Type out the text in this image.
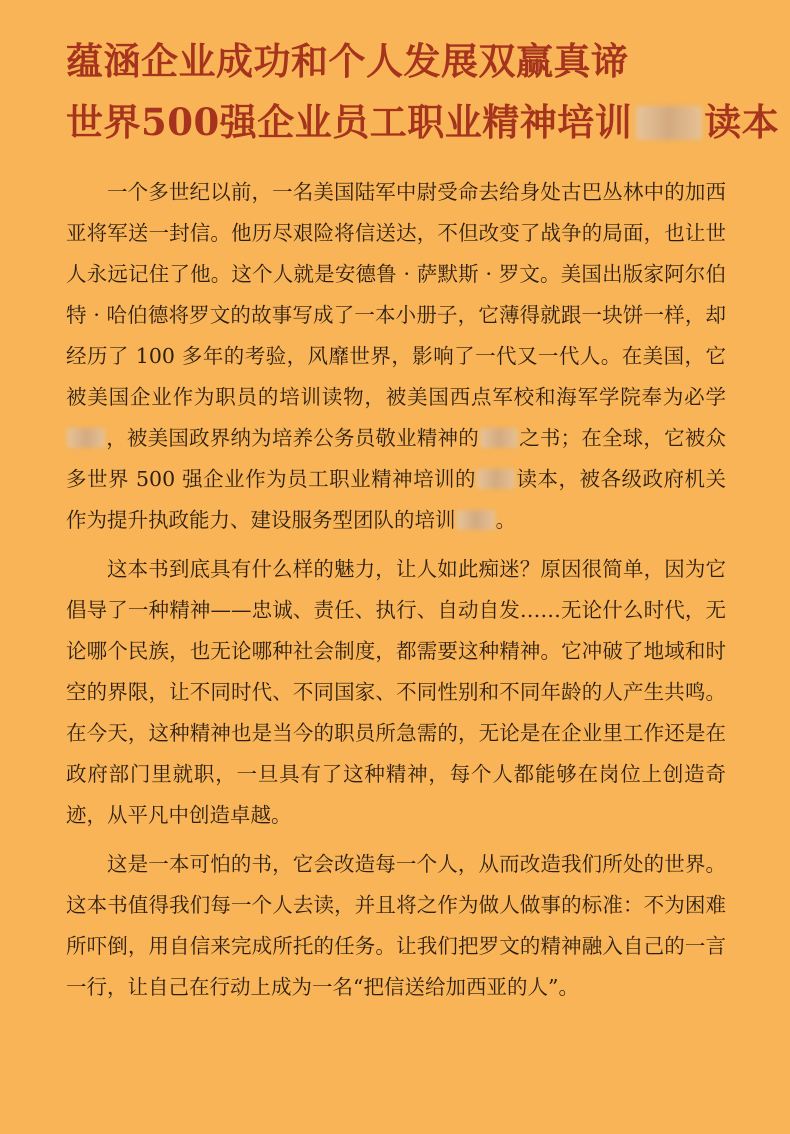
蕴涵企业成功和个人发展双赢真谛
世界500强企业员工职业精神培训 读本

一个多世纪以前，一名美国陆军中尉受命去给身处古巴丛林中的加西亚将军送一封信。他历尽艰险将信送达，不但改变了战争的局面，也让世人永远记住了他。这个人就是安德鲁 · 萨默斯 · 罗文。美国出版家阿尔伯特 · 哈伯德将罗文的故事写成了一本小册子，它薄得就跟一块饼一样，却经历了 100 多年的考验，风靡世界，影响了一代又一代人。在美国，它被美国企业作为职员的培训读物，被美国西点军校和海军学院奉为必学，被美国政界纳为培养公务员敬业精神的 之书；在全球，它被众多世界 500 强企业作为员工职业精神培训的 读本，被各级政府机关作为提升执政能力、建设服务型团队的培训 。

这本书到底具有什么样的魅力，让人如此痴迷？原因很简单，因为它倡导了一种精神——忠诚、责任、执行、自动自发……无论什么时代，无论哪个民族，也无论哪种社会制度，都需要这种精神。它冲破了地域和时空的界限，让不同时代、不同国家、不同性别和不同年龄的人产生共鸣。在今天，这种精神也是当今的职员所急需的，无论是在企业里工作还是在政府部门里就职，一旦具有了这种精神，每个人都能够在岗位上创造奇迹，从平凡中创造卓越。

这是一本可怕的书，它会改造每一个人，从而改造我们所处的世界。这本书值得我们每一个人去读，并且将之作为做人做事的标准：不为困难所吓倒，用自信来完成所托的任务。让我们把罗文的精神融入自己的一言一行，让自己在行动上成为一名“把信送给加西亚的人”。
